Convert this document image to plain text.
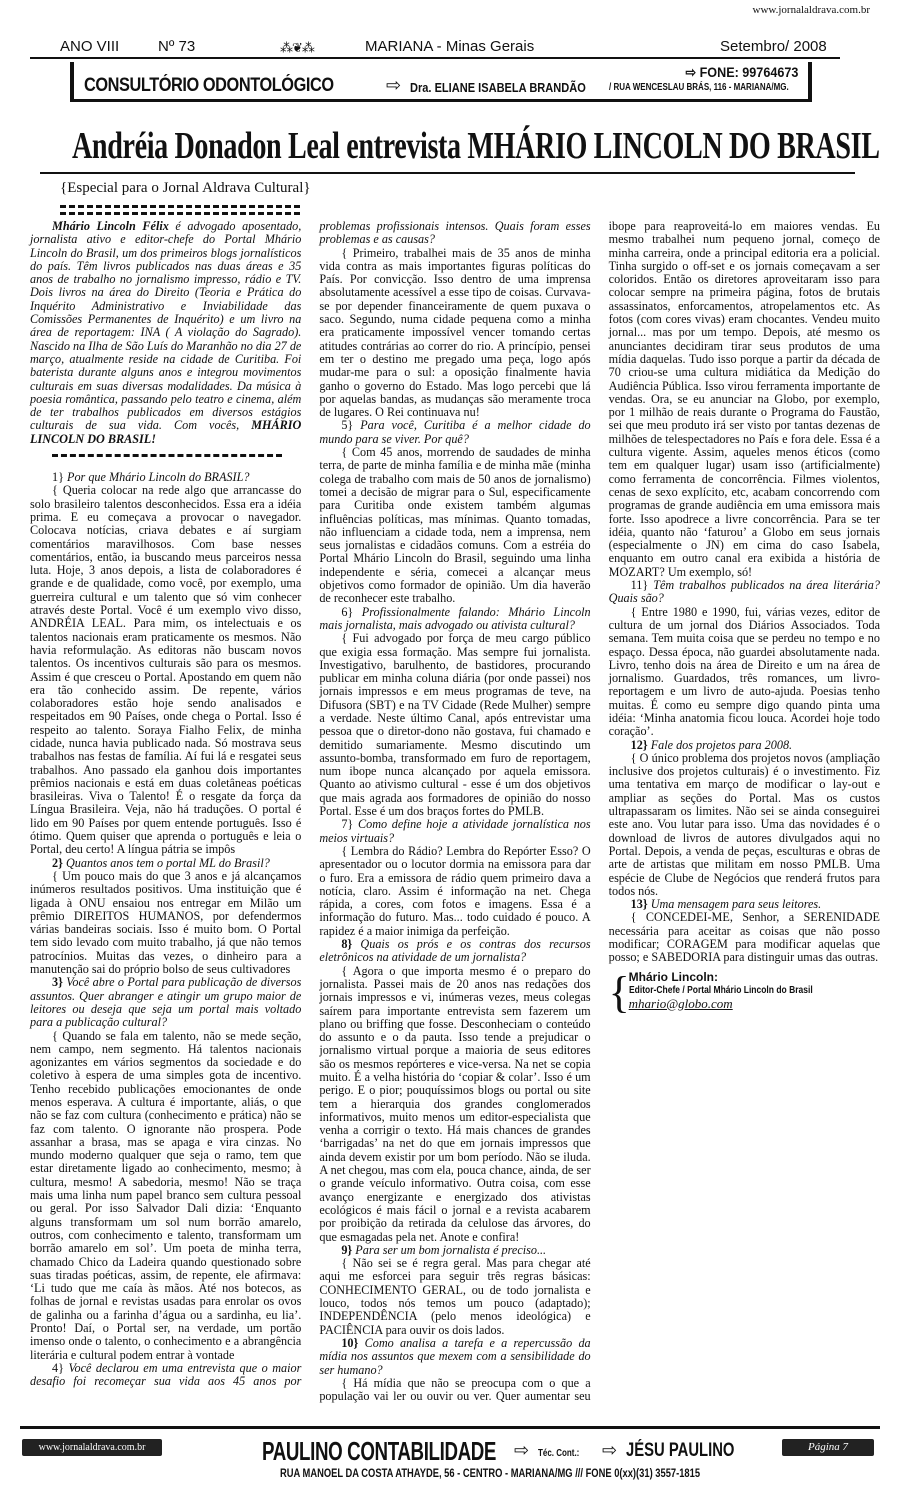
www.jornalaldrava.com.br
ANO VIII	Nº 73	⁂❦⁂	MARIANA - Minas Gerais	Setembro/ 2008
CONSULTÓRIO ODONTOLÓGICO	⇨ Dra. ELIANE ISABELA BRANDÃO / RUA WENCESLAU BRÁS, 116 - MARIANA/MG.
⇨ FONE: 99764673
Andréia Donadon Leal entrevista MHÁRIO LINCOLN DO BRASIL
{Especial para o Jornal Aldrava Cultural}

Mhário Lincoln Félix é advogado aposentado, jornalista ativo e editor-chefe do Portal Mhário Lincoln do Brasil, um dos primeiros blogs jornalísticos do país. Têm livros publicados nas duas áreas e 35 anos de trabalho no jornalismo impresso, rádio e TV. Dois livros na área do Direito (Teoria e Prática do Inquérito Administrativo e Inviabilidade das Comissões Permanentes de Inquérito) e um livro na área de reportagem: INA ( A violação do Sagrado). Nascido na Ilha de São Luís do Maranhão no dia 27 de março, atualmente reside na cidade de Curitiba. Foi baterista durante alguns anos e integrou movimentos culturais em suas diversas modalidades. Da música à poesia romântica, passando pelo teatro e cinema, além de ter trabalhos publicados em diversos estágios culturais de sua vida. Com vocês, MHÁRIO LINCOLN DO BRASIL!

1} Por que Mhário Lincoln do BRASIL?

{ Queria colocar na rede algo que arrancasse do solo brasileiro talentos desconhecidos. Essa era a idéia prima. E eu começava a provocar o navegador. Colocava notícias, criava debates e aí surgiam comentários maravilhosos. Com base nesses comentários, então, ia buscando meus parceiros nessa luta. Hoje, 3 anos depois, a lista de colaboradores é grande e de qualidade, como você, por exemplo, uma guerreira cultural e um talento que só vim conhecer através deste Portal. Você é um exemplo vivo disso, ANDRÉIA LEAL. Para mim, os intelectuais e os talentos nacionais eram praticamente os mesmos. Não havia reformulação. As editoras não buscam novos talentos. Os incentivos culturais são para os mesmos. Assim é que cresceu o Portal. Apostando em quem não era tão conhecido assim. De repente, vários colaboradores estão hoje sendo analisados e respeitados em 90 Países, onde chega o Portal. Isso é respeito ao talento. Soraya Fialho Felix, de minha cidade, nunca havia publicado nada. Só mostrava seus trabalhos nas festas de família. Aí fui lá e resgatei seus trabalhos. Ano passado ela ganhou dois importantes prêmios nacionais e está em duas coletâneas poéticas brasileiras. Viva o Talento! É o resgate da força da Língua Brasileira. Veja, não há traduções. O portal é lido em 90 Países por quem entende português. Isso é ótimo. Quem quiser que aprenda o português e leia o Portal, deu certo! A língua pátria se impôs

2} Quantos anos tem o portal ML do Brasil?

{ Um pouco mais do que 3 anos e já alcançamos inúmeros resultados positivos. Uma instituição que é ligada à ONU ensaiou nos entregar em Milão um prêmio DIREITOS HUMANOS, por defendermos várias bandeiras sociais. Isso é muito bom. O Portal tem sido levado com muito trabalho, já que não temos patrocínios. Muitas das vezes, o dinheiro para a manutenção sai do próprio bolso de seus cultivadores

3} Você abre o Portal para publicação de diversos assuntos. Quer abranger e atingir um grupo maior de leitores ou deseja que seja um portal mais voltado para a publicação cultural?

{ Quando se fala em talento, não se mede seção, nem campo, nem segmento. Há talentos nacionais agonizantes em vários segmentos da sociedade e do coletivo à espera de uma simples gota de incentivo. Tenho recebido publicações emocionantes de onde menos esperava. A cultura é importante, aliás, o que não se faz com cultura (conhecimento e prática) não se faz com talento. O ignorante não prospera. Pode assanhar a brasa, mas se apaga e vira cinzas. No mundo moderno qualquer que seja o ramo, tem que estar diretamente ligado ao conhecimento, mesmo; à cultura, mesmo! A sabedoria, mesmo! Não se traça mais uma linha num papel branco sem cultura pessoal ou geral. Por isso Salvador Dali dizia: ‘Enquanto alguns transformam um sol num borrão amarelo, outros, com conhecimento e talento, transformam um borrão amarelo em sol’. Um poeta de minha terra, chamado Chico da Ladeira quando questionado sobre suas tiradas poéticas, assim, de repente, ele afirmava: ‘Li tudo que me caía às mãos. Até nos botecos, as folhas de jornal e revistas usadas para enrolar os ovos de galinha ou a farinha d’água ou a sardinha, eu lia’. Pronto! Daí, o Portal ser, na verdade, um portão imenso onde o talento, o conhecimento e a abrangência literária e cultural podem entrar à vontade

4} Você declarou em uma entrevista que o maior desafio foi recomeçar sua vida aos 45 anos por problemas profissionais intensos. Quais foram esses problemas e as causas?

{ Primeiro, trabalhei mais de 35 anos de minha vida contra as mais importantes figuras políticas do País. Por convicção. Isso dentro de uma imprensa absolutamente acessível a esse tipo de coisas. Curvava-se por depender financeiramente de quem puxava o saco. Segundo, numa cidade pequena como a minha era praticamente impossível vencer tomando certas atitudes contrárias ao correr do rio. A princípio, pensei em ter o destino me pregado uma peça, logo após mudar-me para o sul: a oposição finalmente havia ganho o governo do Estado. Mas logo percebi que lá por aquelas bandas, as mudanças são meramente troca de lugares. O Rei continuava nu!

5} Para você, Curitiba é a melhor cidade do mundo para se viver. Por quê?

{ Com 45 anos, morrendo de saudades de minha terra, de parte de minha família e de minha mãe (minha colega de trabalho com mais de 50 anos de jornalismo) tomei a decisão de migrar para o Sul, especificamente para Curitiba onde existem também algumas influências políticas, mas mínimas. Quanto tomadas, não influenciam a cidade toda, nem a imprensa, nem seus jornalistas e cidadãos comuns. Com a estréia do Portal Mhário Lincoln do Brasil, seguindo uma linha independente e séria, comecei a alcançar meus objetivos como formador de opinião. Um dia haverão de reconhecer este trabalho.

6} Profissionalmente falando: Mhário Lincoln mais jornalista, mais advogado ou ativista cultural?

{ Fui advogado por força de meu cargo público que exigia essa formação. Mas sempre fui jornalista. Investigativo, barulhento, de bastidores, procurando publicar em minha coluna diária (por onde passei) nos jornais impressos e em meus programas de teve, na Difusora (SBT) e na TV Cidade (Rede Mulher) sempre a verdade. Neste último Canal, após entrevistar uma pessoa que o diretor-dono não gostava, fui chamado e demitido sumariamente. Mesmo discutindo um assunto-bomba, transformado em furo de reportagem, num ibope nunca alcançado por aquela emissora. Quanto ao ativismo cultural - esse é um dos objetivos que mais agrada aos formadores de opinião do nosso Portal. Esse é um dos braços fortes do PMLB.

7} Como define hoje a atividade jornalística nos meios virtuais?

{ Lembra do Rádio? Lembra do Repórter Esso? O apresentador ou o locutor dormia na emissora para dar o furo. Era a emissora de rádio quem primeiro dava a notícia, claro. Assim é informação na net. Chega rápida, a cores, com fotos e imagens. Essa é a informação do futuro. Mas... todo cuidado é pouco. A rapidez é a maior inimiga da perfeição.

8} Quais os prós e os contras dos recursos eletrônicos na atividade de um jornalista?

{ Agora o que importa mesmo é o preparo do jornalista. Passei mais de 20 anos nas redações dos jornais impressos e vi, inúmeras vezes, meus colegas saírem para importante entrevista sem fazerem um plano ou briffing que fosse. Desconheciam o conteúdo do assunto e o da pauta. Isso tende a prejudicar o jornalismo virtual porque a maioria de seus editores são os mesmos repórteres e vice-versa. Na net se copia muito. É a velha história do ‘copiar & colar’. Isso é um perigo. E o pior; pouquíssimos blogs ou portal ou site tem a hierarquia dos grandes conglomerados informativos, muito menos um editor-especialista que venha a corrigir o texto. Há mais chances de grandes ‘barrigadas’ na net do que em jornais impressos que ainda devem existir por um bom período. Não se iluda. A net chegou, mas com ela, pouca chance, ainda, de ser o grande veículo informativo. Outra coisa, com esse avanço energizante e energizado dos ativistas ecológicos é mais fácil o jornal e a revista acabarem por proibição da retirada da celulose das árvores, do que esmagadas pela net. Anote e confira!

9} Para ser um bom jornalista é preciso...

{ Não sei se é regra geral. Mas para chegar até aqui me esforcei para seguir três regras básicas: CONHECIMENTO GERAL, ou de todo jornalista e louco, todos nós temos um pouco (adaptado); INDEPENDÊNCIA (pelo menos ideológica) e PACIÊNCIA para ouvir os dois lados.

10} Como analisa a tarefa e a repercussão da mídia nos assuntos que mexem com a sensibilidade do ser humano?

{ Há mídia que não se preocupa com o que a população vai ler ou ouvir ou ver. Quer aumentar seu ibope para reaproveitá-lo em maiores vendas. Eu mesmo trabalhei num pequeno jornal, começo de minha carreira, onde a principal editoria era a policial. Tinha surgido o off-set e os jornais começavam a ser coloridos. Então os diretores aproveitaram isso para colocar sempre na primeira página, fotos de brutais assassinatos, enforcamentos, atropelamentos etc. As fotos (com cores vivas) eram chocantes. Vendeu muito jornal... mas por um tempo. Depois, até mesmo os anunciantes decidiram tirar seus produtos de uma mídia daquelas. Tudo isso porque a partir da década de 70 criou-se uma cultura midiática da Medição do Audiência Pública. Isso virou ferramenta importante de vendas. Ora, se eu anunciar na Globo, por exemplo, por 1 milhão de reais durante o Programa do Faustão, sei que meu produto irá ser visto por tantas dezenas de milhões de telespectadores no País e fora dele. Essa é a cultura vigente. Assim, aqueles menos éticos (como tem em qualquer lugar) usam isso (artificialmente) como ferramenta de concorrência. Filmes violentos, cenas de sexo explícito, etc, acabam concorrendo com programas de grande audiência em uma emissora mais forte. Isso apodrece a livre concorrência. Para se ter idéia, quanto não ‘faturou’ a Globo em seus jornais (especialmente o JN) em cima do caso Isabela, enquanto em outro canal era exibida a história de MOZART? Um exemplo, só!

11} Têm trabalhos publicados na área literária? Quais são?

{ Entre 1980 e 1990, fui, várias vezes, editor de cultura de um jornal dos Diários Associados. Toda semana. Tem muita coisa que se perdeu no tempo e no espaço. Dessa época, não guardei absolutamente nada. Livro, tenho dois na área de Direito e um na área de jornalismo. Guardados, três romances, um livro-reportagem e um livro de auto-ajuda. Poesias tenho muitas. É como eu sempre digo quando pinta uma idéia: ‘Minha anatomia ficou louca. Acordei hoje todo coração’.

12} Fale dos projetos para 2008.

{ O único problema dos projetos novos (ampliação inclusive dos projetos culturais) é o investimento. Fiz uma tentativa em março de modificar o lay-out e ampliar as seções do Portal. Mas os custos ultrapassaram os limites. Não sei se ainda conseguirei este ano. Vou lutar para isso. Uma das novidades é o download de livros de autores divulgados aqui no Portal. Depois, a venda de peças, esculturas e obras de arte de artistas que militam em nosso PMLB. Uma espécie de Clube de Negócios que renderá frutos para todos nós.

13} Uma mensagem para seus leitores.

{ CONCEDEI-ME, Senhor, a SERENIDADE necessária para aceitar as coisas que não posso modificar; CORAGEM para modificar aquelas que posso; e SABEDORIA para distinguir umas das outras.

{
Mhário Lincoln:
Editor-Chefe / Portal Mhário Lincoln do Brasil
mhario@globo.com
www.jornalaldrava.com.br	PAULINO CONTABILIDADE ⇨ Téc. Cont.: ⇨ JÉSU PAULINO
RUA MANOEL DA COSTA ATHAYDE, 56 - CENTRO - MARIANA/MG /// FONE 0(xx)(31) 3557-1815
Página 7
